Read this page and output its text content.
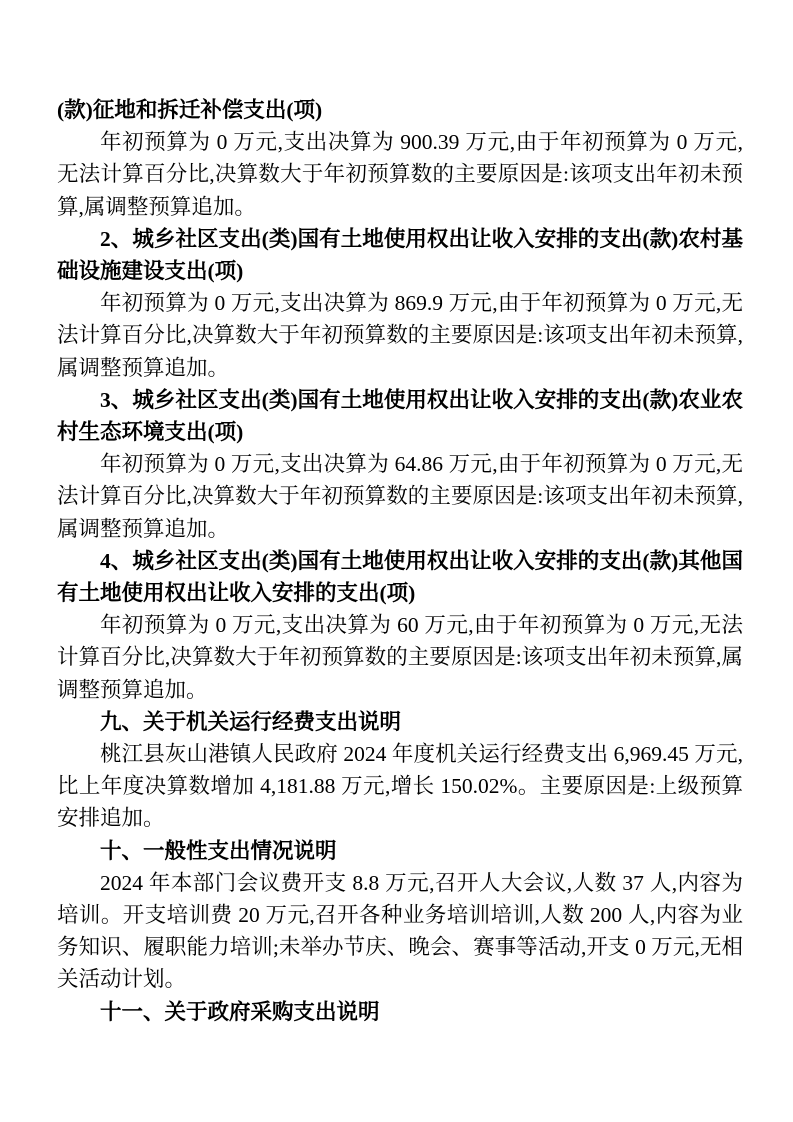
(款)征地和拆迁补偿支出(项)

年初预算为 0 万元,支出决算为 900.39 万元,由于年初预算为 0 万元,无法计算百分比,决算数大于年初预算数的主要原因是:该项支出年初未预算,属调整预算追加。

2、城乡社区支出(类)国有土地使用权出让收入安排的支出(款)农村基础设施建设支出(项)

年初预算为 0 万元,支出决算为 869.9 万元,由于年初预算为 0 万元,无法计算百分比,决算数大于年初预算数的主要原因是:该项支出年初未预算,属调整预算追加。

3、城乡社区支出(类)国有土地使用权出让收入安排的支出(款)农业农村生态环境支出(项)

年初预算为 0 万元,支出决算为 64.86 万元,由于年初预算为 0 万元,无法计算百分比,决算数大于年初预算数的主要原因是:该项支出年初未预算,属调整预算追加。

4、城乡社区支出(类)国有土地使用权出让收入安排的支出(款)其他国有土地使用权出让收入安排的支出(项)

年初预算为 0 万元,支出决算为 60 万元,由于年初预算为 0 万元,无法计算百分比,决算数大于年初预算数的主要原因是:该项支出年初未预算,属调整预算追加。

九、关于机关运行经费支出说明

桃江县灰山港镇人民政府 2024 年度机关运行经费支出 6,969.45 万元,比上年度决算数增加 4,181.88 万元,增长 150.02%。主要原因是:上级预算安排追加。

十、一般性支出情况说明

2024 年本部门会议费开支 8.8 万元,召开人大会议,人数 37 人,内容为培训。开支培训费 20 万元,召开各种业务培训培训,人数 200 人,内容为业务知识、履职能力培训;未举办节庆、晚会、赛事等活动,开支 0 万元,无相关活动计划。

十一、关于政府采购支出说明
